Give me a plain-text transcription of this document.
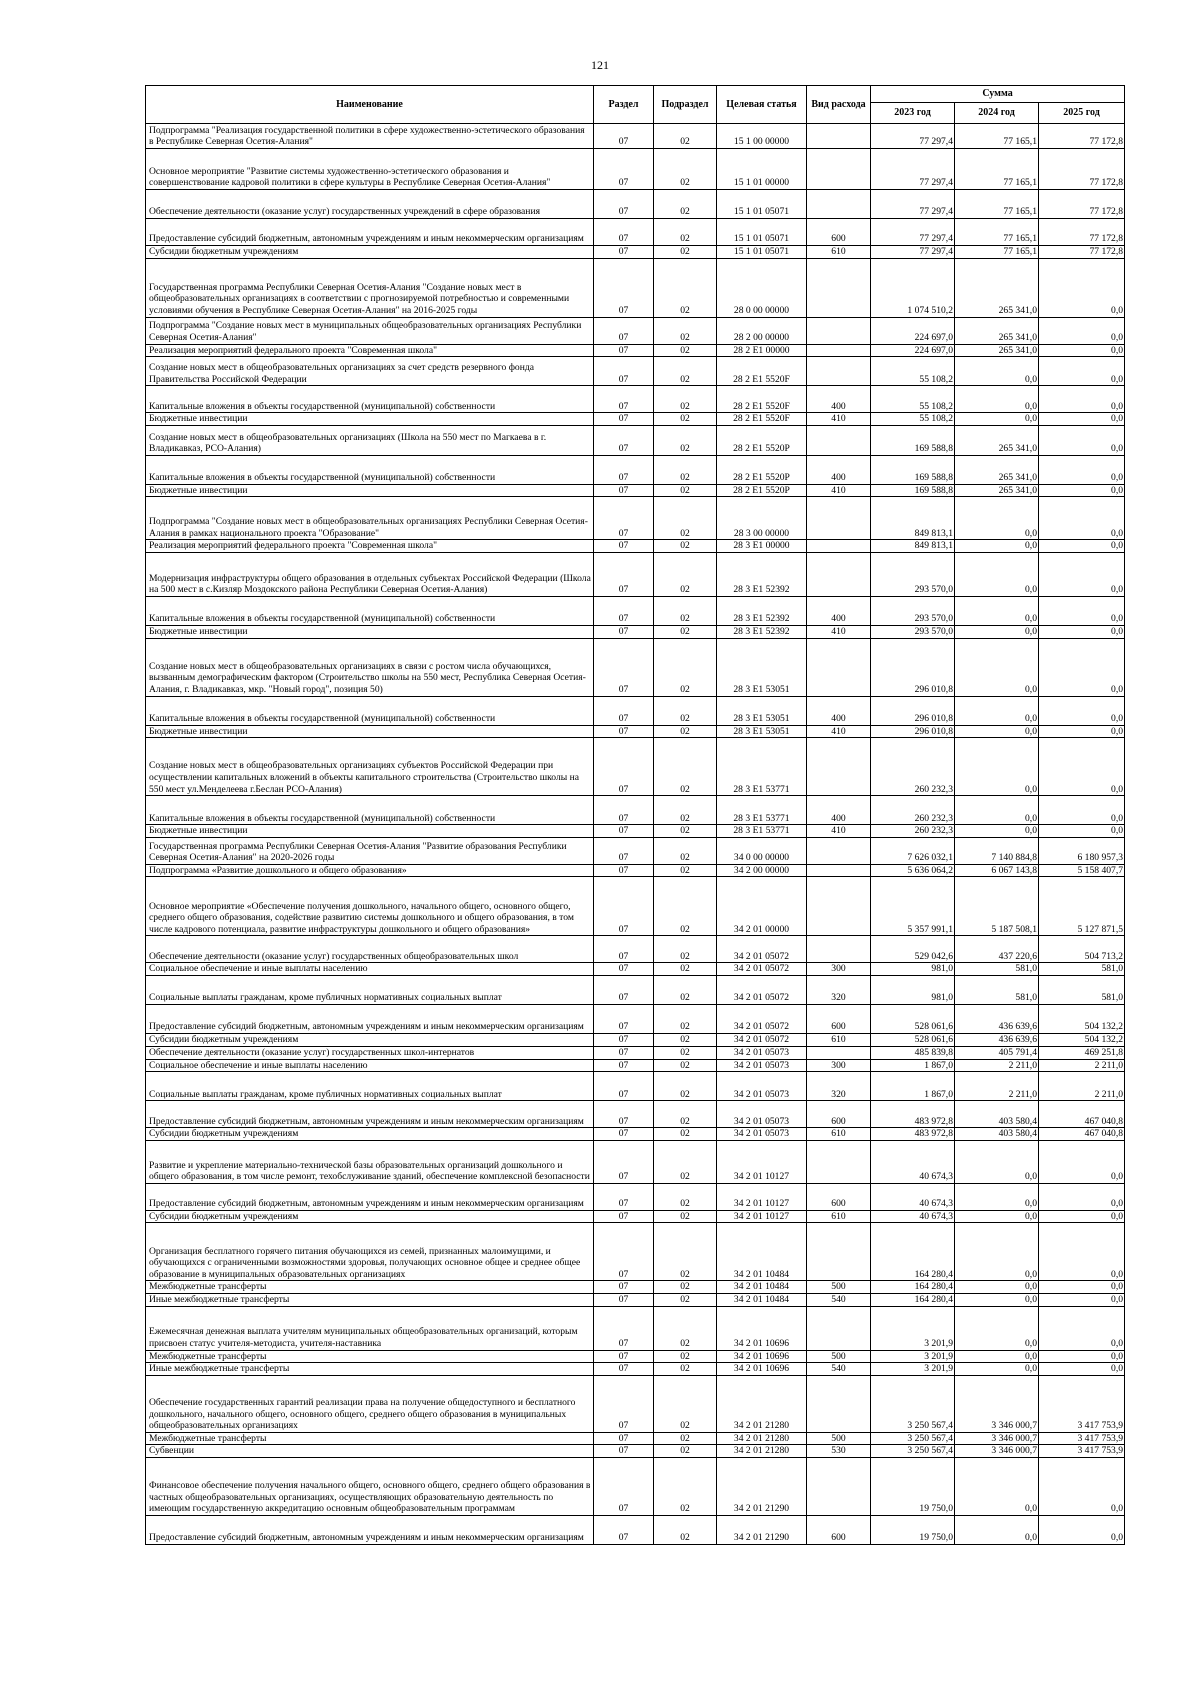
121
Наименование	Раздел	Подраздел	Целевая статья	Вид расхода	Сумма		
					2023 год	2024 год	2025 год
Подпрограмма "Реализация государственной политики в сфере художественно-эстетического образования в Республике Северная Осетия-Алания"	07	02	15 1 00 00000		77 297,4	77 165,1	77 172,8
Основное мероприятие "Развитие системы художественно-эстетического образования и совершенствование кадровой политики в сфере культуры в Республике Северная Осетия-Алания"	07	02	15 1 01 00000		77 297,4	77 165,1	77 172,8
Обеспечение деятельности (оказание услуг) государственных учреждений в сфере образования	07	02	15 1 01 05071		77 297,4	77 165,1	77 172,8
Предоставление субсидий бюджетным, автономным учреждениям и иным некоммерческим организациям	07	02	15 1 01 05071	600	77 297,4	77 165,1	77 172,8
Субсидии бюджетным учреждениям	07	02	15 1 01 05071	610	77 297,4	77 165,1	77 172,8
Государственная программа Республики Северная Осетия-Алания "Создание новых мест в общеобразовательных организациях в соответствии с прогнозируемой потребностью и современными условиями обучения в Республике Северная Осетия-Алания" на 2016-2025 годы	07	02	28 0 00 00000		1 074 510,2	265 341,0	0,0
Подпрограмма "Создание новых мест в муниципальных общеобразовательных организациях Республики Северная Осетия-Алания"	07	02	28 2 00 00000		224 697,0	265 341,0	0,0
Реализация мероприятий федерального проекта "Современная школа"	07	02	28 2 E1 00000		224 697,0	265 341,0	0,0
Создание новых мест в общеобразовательных организациях за счет средств резервного фонда Правительства Российской Федерации	07	02	28 2 E1 5520F		55 108,2	0,0	0,0
Капитальные вложения в объекты государственной (муниципальной) собственности	07	02	28 2 E1 5520F	400	55 108,2	0,0	0,0
Бюджетные инвестиции	07	02	28 2 E1 5520F	410	55 108,2	0,0	0,0
Создание новых мест в общеобразовательных организациях (Школа на 550 мест по Магкаева в г. Владикавказ, РСО-Алания)	07	02	28 2 E1 5520P		169 588,8	265 341,0	0,0
Капитальные вложения в объекты государственной (муниципальной) собственности	07	02	28 2 E1 5520P	400	169 588,8	265 341,0	0,0
Бюджетные инвестиции	07	02	28 2 E1 5520P	410	169 588,8	265 341,0	0,0
Подпрограмма "Создание новых мест в общеобразовательных организациях Республики Северная Осетия-Алания в рамках национального проекта "Образование"	07	02	28 3 00 00000		849 813,1	0,0	0,0
Реализация мероприятий федерального проекта "Современная школа"	07	02	28 3 E1 00000		849 813,1	0,0	0,0
Модернизация инфраструктуры общего образования в отдельных субъектах Российской Федерации (Школа на 500 мест в с.Кизляр Моздокского района Республики Северная Осетия-Алания)	07	02	28 3 E1 52392		293 570,0	0,0	0,0
Капитальные вложения в объекты государственной (муниципальной) собственности	07	02	28 3 E1 52392	400	293 570,0	0,0	0,0
Бюджетные инвестиции	07	02	28 3 E1 52392	410	293 570,0	0,0	0,0
Создание новых мест в общеобразовательных организациях в связи с ростом числа обучающихся, вызванным демографическим фактором (Строительство школы на 550 мест, Республика Северная Осетия-Алания, г. Владикавказ, мкр. "Новый город", позиция 50)	07	02	28 3 E1 53051		296 010,8	0,0	0,0
Капитальные вложения в объекты государственной (муниципальной) собственности	07	02	28 3 E1 53051	400	296 010,8	0,0	0,0
Бюджетные инвестиции	07	02	28 3 E1 53051	410	296 010,8	0,0	0,0
Создание новых мест в общеобразовательных организациях субъектов Российской Федерации при осуществлении капитальных вложений в объекты капитального строительства (Строительство школы на 550 мест ул.Менделеева г.Беслан РСО-Алания)	07	02	28 3 E1 53771		260 232,3	0,0	0,0
Капитальные вложения в объекты государственной (муниципальной) собственности	07	02	28 3 E1 53771	400	260 232,3	0,0	0,0
Бюджетные инвестиции	07	02	28 3 E1 53771	410	260 232,3	0,0	0,0
Государственная программа Республики Северная Осетия-Алания "Развитие образования Республики Северная Осетия-Алания" на 2020-2026 годы	07	02	34 0 00 00000		7 626 032,1	7 140 884,8	6 180 957,3
Подпрограмма «Развитие дошкольного и общего образования»	07	02	34 2 00 00000		5 636 064,2	6 067 143,8	5 158 407,7
Основное мероприятие «Обеспечение получения дошкольного, начального общего, основного общего, среднего общего образования, содействие развитию системы дошкольного и общего образования, в том числе кадрового потенциала, развитие инфраструктуры дошкольного и общего образования»	07	02	34 2 01 00000		5 357 991,1	5 187 508,1	5 127 871,5
Обеспечение деятельности (оказание услуг) государственных общеобразовательных школ	07	02	34 2 01 05072		529 042,6	437 220,6	504 713,2
Социальное обеспечение и иные выплаты населению	07	02	34 2 01 05072	300	981,0	581,0	581,0
Социальные выплаты гражданам, кроме публичных нормативных социальных выплат	07	02	34 2 01 05072	320	981,0	581,0	581,0
Предоставление субсидий бюджетным, автономным учреждениям и иным некоммерческим организациям	07	02	34 2 01 05072	600	528 061,6	436 639,6	504 132,2
Субсидии бюджетным учреждениям	07	02	34 2 01 05072	610	528 061,6	436 639,6	504 132,2
Обеспечение деятельности (оказание услуг) государственных школ-интернатов	07	02	34 2 01 05073		485 839,8	405 791,4	469 251,8
Социальное обеспечение и иные выплаты населению	07	02	34 2 01 05073	300	1 867,0	2 211,0	2 211,0
Социальные выплаты гражданам, кроме публичных нормативных социальных выплат	07	02	34 2 01 05073	320	1 867,0	2 211,0	2 211,0
Предоставление субсидий бюджетным, автономным учреждениям и иным некоммерческим организациям	07	02	34 2 01 05073	600	483 972,8	403 580,4	467 040,8
Субсидии бюджетным учреждениям	07	02	34 2 01 05073	610	483 972,8	403 580,4	467 040,8
Развитие и укрепление материально-технической базы образовательных организаций дошкольного и общего образования, в том числе ремонт, техобслуживание зданий, обеспечение комплексной безопасности	07	02	34 2 01 10127		40 674,3	0,0	0,0
Предоставление субсидий бюджетным, автономным учреждениям и иным некоммерческим организациям	07	02	34 2 01 10127	600	40 674,3	0,0	0,0
Субсидии бюджетным учреждениям	07	02	34 2 01 10127	610	40 674,3	0,0	0,0
Организация бесплатного горячего питания обучающихся из семей, признанных малоимущими, и обучающихся с ограниченными возможностями здоровья, получающих основное общее и среднее общее образование в муниципальных образовательных организациях	07	02	34 2 01 10484		164 280,4	0,0	0,0
Межбюджетные трансферты	07	02	34 2 01 10484	500	164 280,4	0,0	0,0
Иные межбюджетные трансферты	07	02	34 2 01 10484	540	164 280,4	0,0	0,0
Ежемесячная денежная выплата учителям муниципальных общеобразовательных организаций, которым присвоен статус учителя-методиста, учителя-наставника	07	02	34 2 01 10696		3 201,9	0,0	0,0
Межбюджетные трансферты	07	02	34 2 01 10696	500	3 201,9	0,0	0,0
Иные межбюджетные трансферты	07	02	34 2 01 10696	540	3 201,9	0,0	0,0
Обеспечение государственных гарантий реализации права на получение общедоступного и бесплатного дошкольного, начального общего, основного общего, среднего общего образования в муниципальных общеобразовательных организациях	07	02	34 2 01 21280		3 250 567,4	3 346 000,7	3 417 753,9
Межбюджетные трансферты	07	02	34 2 01 21280	500	3 250 567,4	3 346 000,7	3 417 753,9
Субвенции	07	02	34 2 01 21280	530	3 250 567,4	3 346 000,7	3 417 753,9
Финансовое обеспечение получения начального общего, основного общего, среднего общего образования в частных общеобразовательных организациях, осуществляющих образовательную деятельность по имеющим государственную аккредитацию основным общеобразовательным программам	07	02	34 2 01 21290		19 750,0	0,0	0,0
Предоставление субсидий бюджетным, автономным учреждениям и иным некоммерческим организациям	07	02	34 2 01 21290	600	19 750,0	0,0	0,0
